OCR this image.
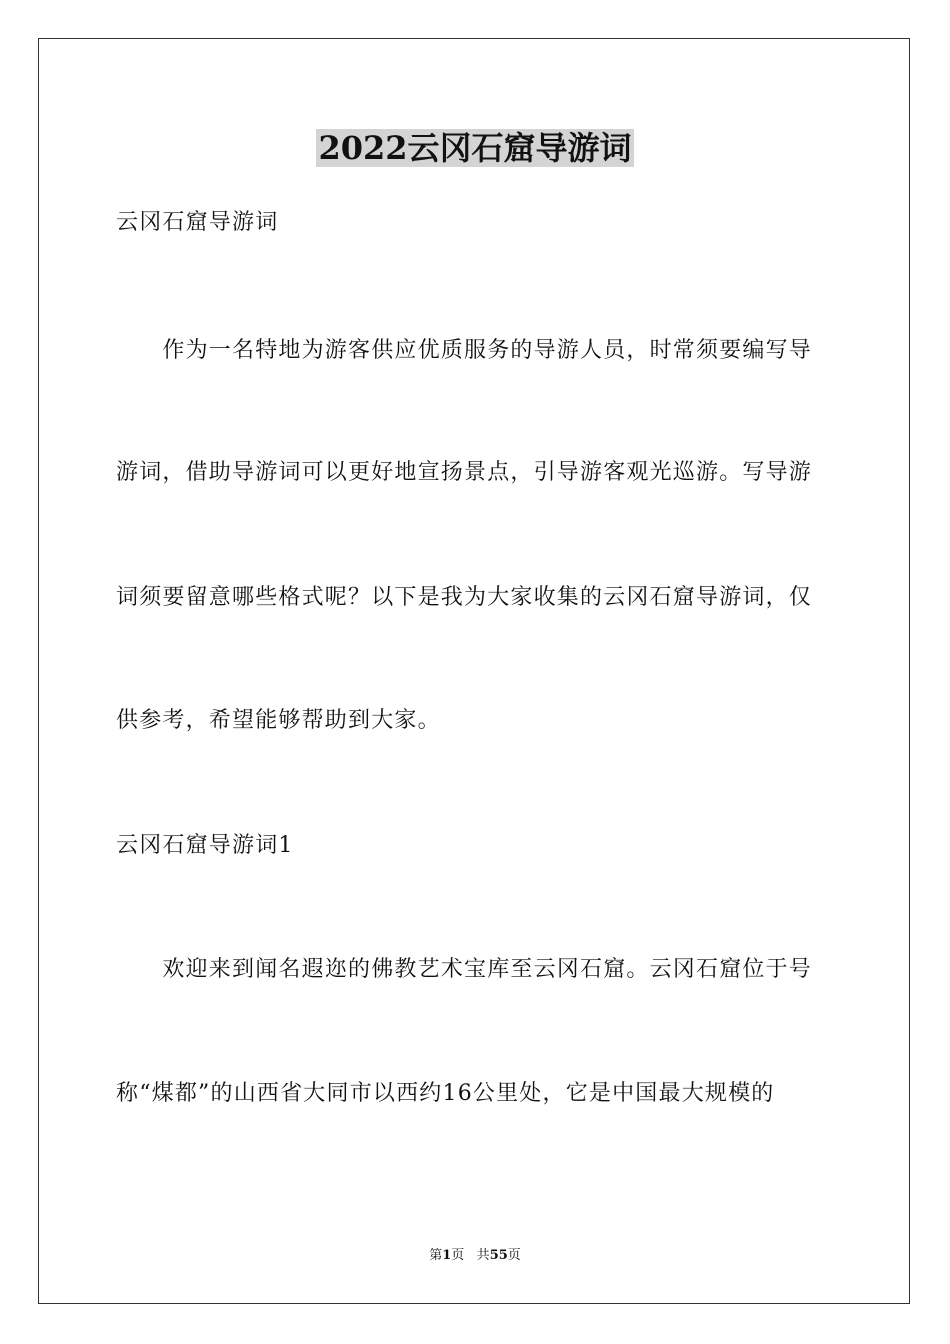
2022云冈石窟导游词
云冈石窟导游词
　　作为一名特地为游客供应优质服务的导游人员，时常须要编写导
游词，借助导游词可以更好地宣扬景点，引导游客观光巡游。写导游
词须要留意哪些格式呢？以下是我为大家收集的云冈石窟导游词，仅
供参考，希望能够帮助到大家。
云冈石窟导游词1
　　欢迎来到闻名遐迩的佛教艺术宝库至云冈石窟。云冈石窟位于号
称“煤都”的山西省大同市以西约16公里处，它是中国最大规模的
第1页 共55页
